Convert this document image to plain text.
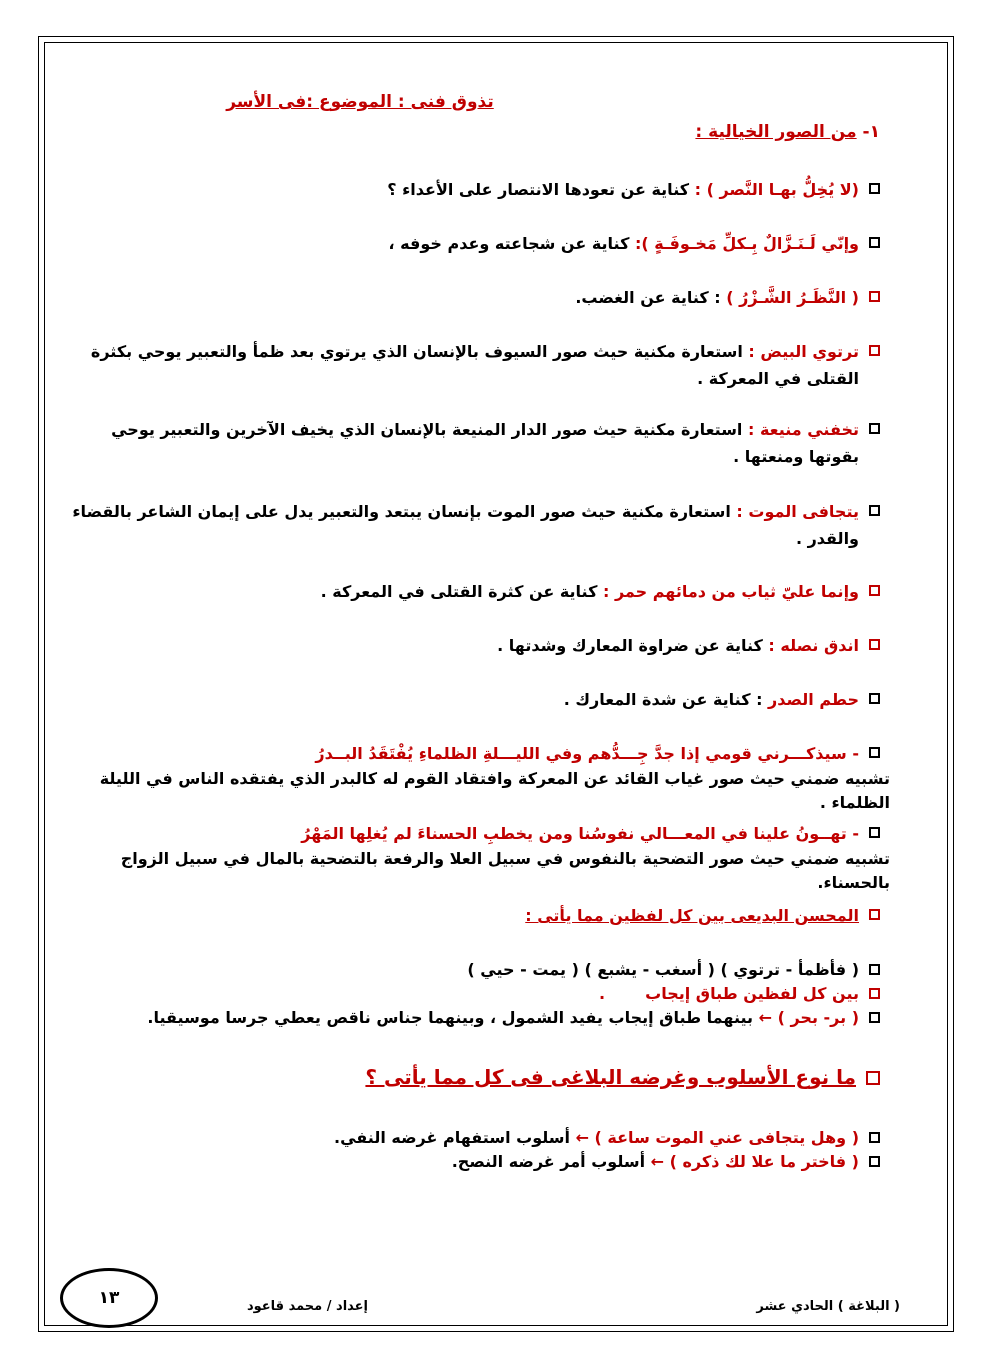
تذوق فنى : الموضوع :فى الأسر
١- من الصور الخيالية :
(لا يُخِلُّ بهـا النَّصر ) : كناية عن تعودها الانتصار على الأعداء ؟
وإنّي لَـنَـزَّالٌ بِـكلِّ مَخـوفَـةٍ ): كناية عن شجاعته وعدم خوفه ،
( النَّظَـرُ الشَّـزْرُ ) : كناية عن الغضب.
ترتوي البيض : استعارة مكنية حيث صور السيوف بالإنسان الذي يرتوي بعد ظمأ والتعبير يوحي بكثرة القتلى في المعركة .
تخفني منيعة : استعارة مكنية حيث صور الدار المنيعة بالإنسان الذي يخيف الآخرين والتعبير يوحي بقوتها ومنعتها .
يتجافى الموت : استعارة مكنية حيث صور الموت بإنسان يبتعد والتعبير يدل على إيمان الشاعر بالقضاء والقدر .
وإنما عليّ ثياب من دمائهم حمر : كناية عن كثرة القتلى في المعركة .
اندق نصله : كناية عن ضراوة المعارك وشدتها .
حطم الصدر : كناية عن شدة المعارك .
- سيذكـــرني قومي إذا جدَّ جِـــدُّهم وفي الليـــلةِ الظلماءِ يُفْتَقَدُ البــدرُ
تشبيه ضمني حيث صور غياب القائد عن المعركة وافتقاد القوم له كالبدر الذي يفتقده الناس في الليلة الظلماء .
- تهــونُ علينا في المعـــالي نفوسُنا ومن يخطبِ الحسناءَ لم يُغلِها المَهْرُ
تشبيه ضمني حيث صور التضحية بالنفوس في سبيل العلا والرفعة بالتضحية بالمال في سبيل الزواج بالحسناء.
المحسن البديعى بين كل لفظين مما يأتى :
( فأظمأ - ترتوي ) ( أسغب - يشبع ) ( يمت - حيي )
بين كل لفظين طباق إيجاب.
( بر- بحر ) ← بينهما طباق إيجاب يفيد الشمول ، وبينهما جناس ناقص يعطي جرسا موسيقيا.
ما نوع الأسلوب وغرضه البلاغى فى كل مما يأتى ؟
( وهل يتجافى عني الموت ساعة ) ← أسلوب استفهام غرضه النفي.
( فاختر ما علا لك ذكره ) ← أسلوب أمر غرضه النصح.
( البلاغة ) الحادي عشر
إعداد / محمد قاعود
١٣
